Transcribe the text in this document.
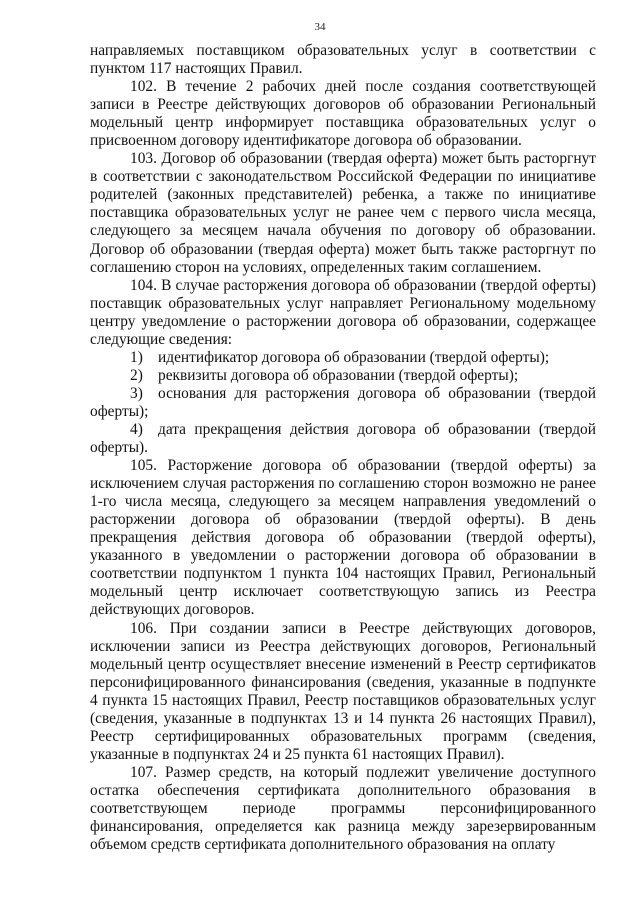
34

направляемых поставщиком образовательных услуг в соответствии с пунктом 117 настоящих Правил.

102. В течение 2 рабочих дней после создания соответствующей записи в Реестре действующих договоров об образовании Региональный модельный центр информирует поставщика образовательных услуг о присвоенном договору идентификаторе договора об образовании.

103. Договор об образовании (твердая оферта) может быть расторгнут в соответствии с законодательством Российской Федерации по инициативе родителей (законных представителей) ребенка, а также по инициативе поставщика образовательных услуг не ранее чем с первого числа месяца, следующего за месяцем начала обучения по договору об образовании. Договор об образовании (твердая оферта) может быть также расторгнут по соглашению сторон на условиях, определенных таким соглашением.

104. В случае расторжения договора об образовании (твердой оферты) поставщик образовательных услуг направляет Региональному модельному центру уведомление о расторжении договора об образовании, содержащее следующие сведения:

1) идентификатор договора об образовании (твердой оферты);

2) реквизиты договора об образовании (твердой оферты);

3) основания для расторжения договора об образовании (твердой оферты);

4) дата прекращения действия договора об образовании (твердой оферты).

105. Расторжение договора об образовании (твердой оферты) за исключением случая расторжения по соглашению сторон возможно не ранее 1-го числа месяца, следующего за месяцем направления уведомлений о расторжении договора об образовании (твердой оферты). В день прекращения действия договора об образовании (твердой оферты), указанного в уведомлении о расторжении договора об образовании в соответствии подпунктом 1 пункта 104 настоящих Правил, Региональный модельный центр исключает соответствующую запись из Реестра действующих договоров.

106. При создании записи в Реестре действующих договоров, исключении записи из Реестра действующих договоров, Региональный модельный центр осуществляет внесение изменений в Реестр сертификатов персонифицированного финансирования (сведения, указанные в подпункте 4 пункта 15 настоящих Правил, Реестр поставщиков образовательных услуг (сведения, указанные в подпунктах 13 и 14 пункта 26 настоящих Правил), Реестр сертифицированных образовательных программ (сведения, указанные в подпунктах 24 и 25 пункта 61 настоящих Правил).

107. Размер средств, на который подлежит увеличение доступного остатка обеспечения сертификата дополнительного образования в соответствующем периоде программы персонифицированного финансирования, определяется как разница между зарезервированным объемом средств сертификата дополнительного образования на оплату
